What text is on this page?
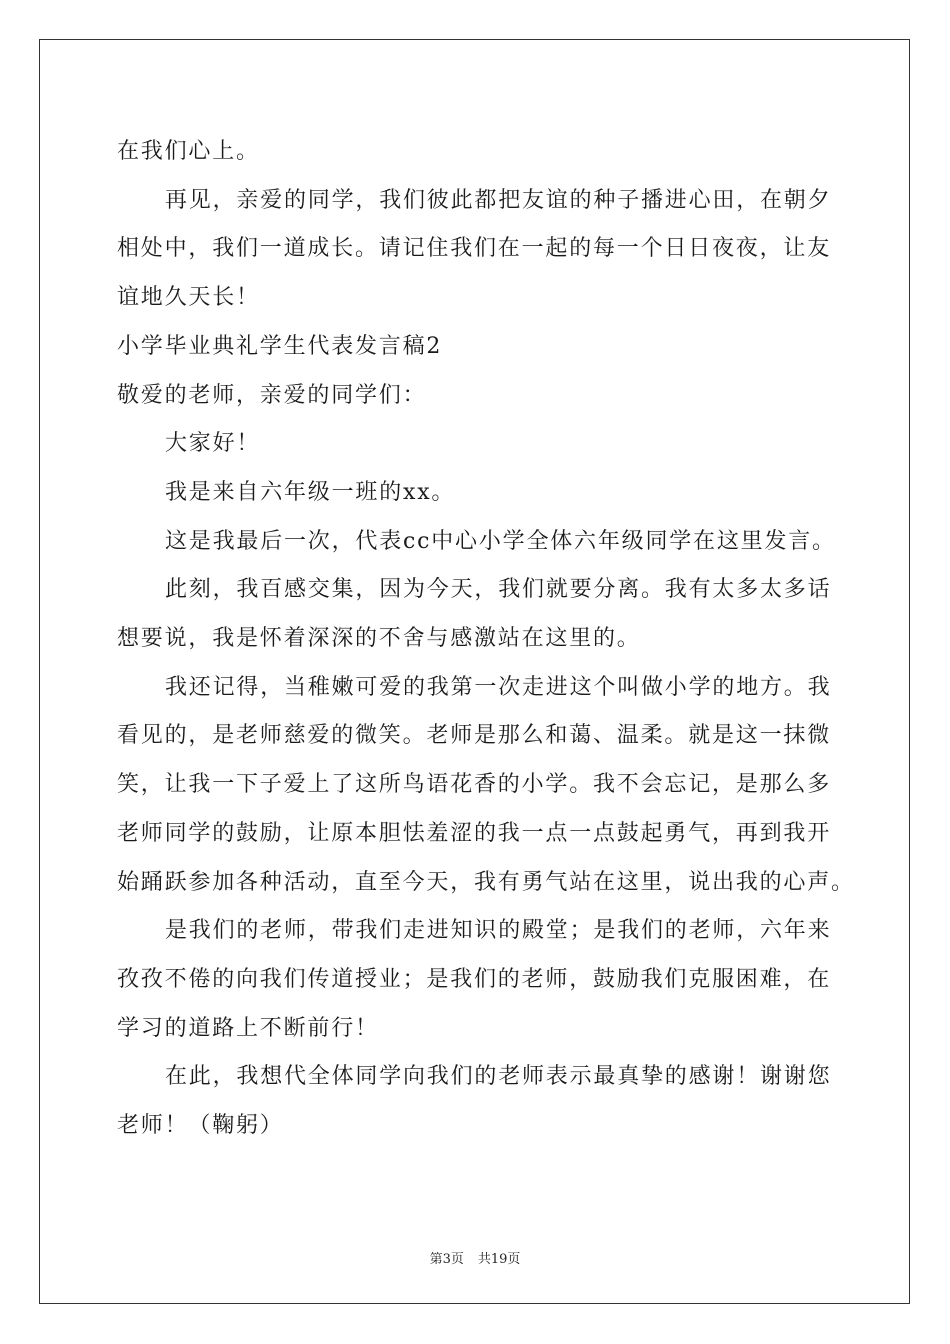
在我们心上。
再见，亲爱的同学，我们彼此都把友谊的种子播进心田，在朝夕
相处中，我们一道成长。请记住我们在一起的每一个日日夜夜，让友
谊地久天长！
小学毕业典礼学生代表发言稿2
敬爱的老师，亲爱的同学们：
大家好！
我是来自六年级一班的xx。
这是我最后一次，代表cc中心小学全体六年级同学在这里发言。
此刻，我百感交集，因为今天，我们就要分离。我有太多太多话
想要说，我是怀着深深的不舍与感激站在这里的。
我还记得，当稚嫩可爱的我第一次走进这个叫做小学的地方。我
看见的，是老师慈爱的微笑。老师是那么和蔼、温柔。就是这一抹微
笑，让我一下子爱上了这所鸟语花香的小学。我不会忘记，是那么多
老师同学的鼓励，让原本胆怯羞涩的我一点一点鼓起勇气，再到我开
始踊跃参加各种活动，直至今天，我有勇气站在这里，说出我的心声。
是我们的老师，带我们走进知识的殿堂；是我们的老师，六年来
孜孜不倦的向我们传道授业；是我们的老师，鼓励我们克服困难，在
学习的道路上不断前行！
在此，我想代全体同学向我们的老师表示最真挚的感谢！谢谢您
老师！（鞠躬）
第3页 共19页
